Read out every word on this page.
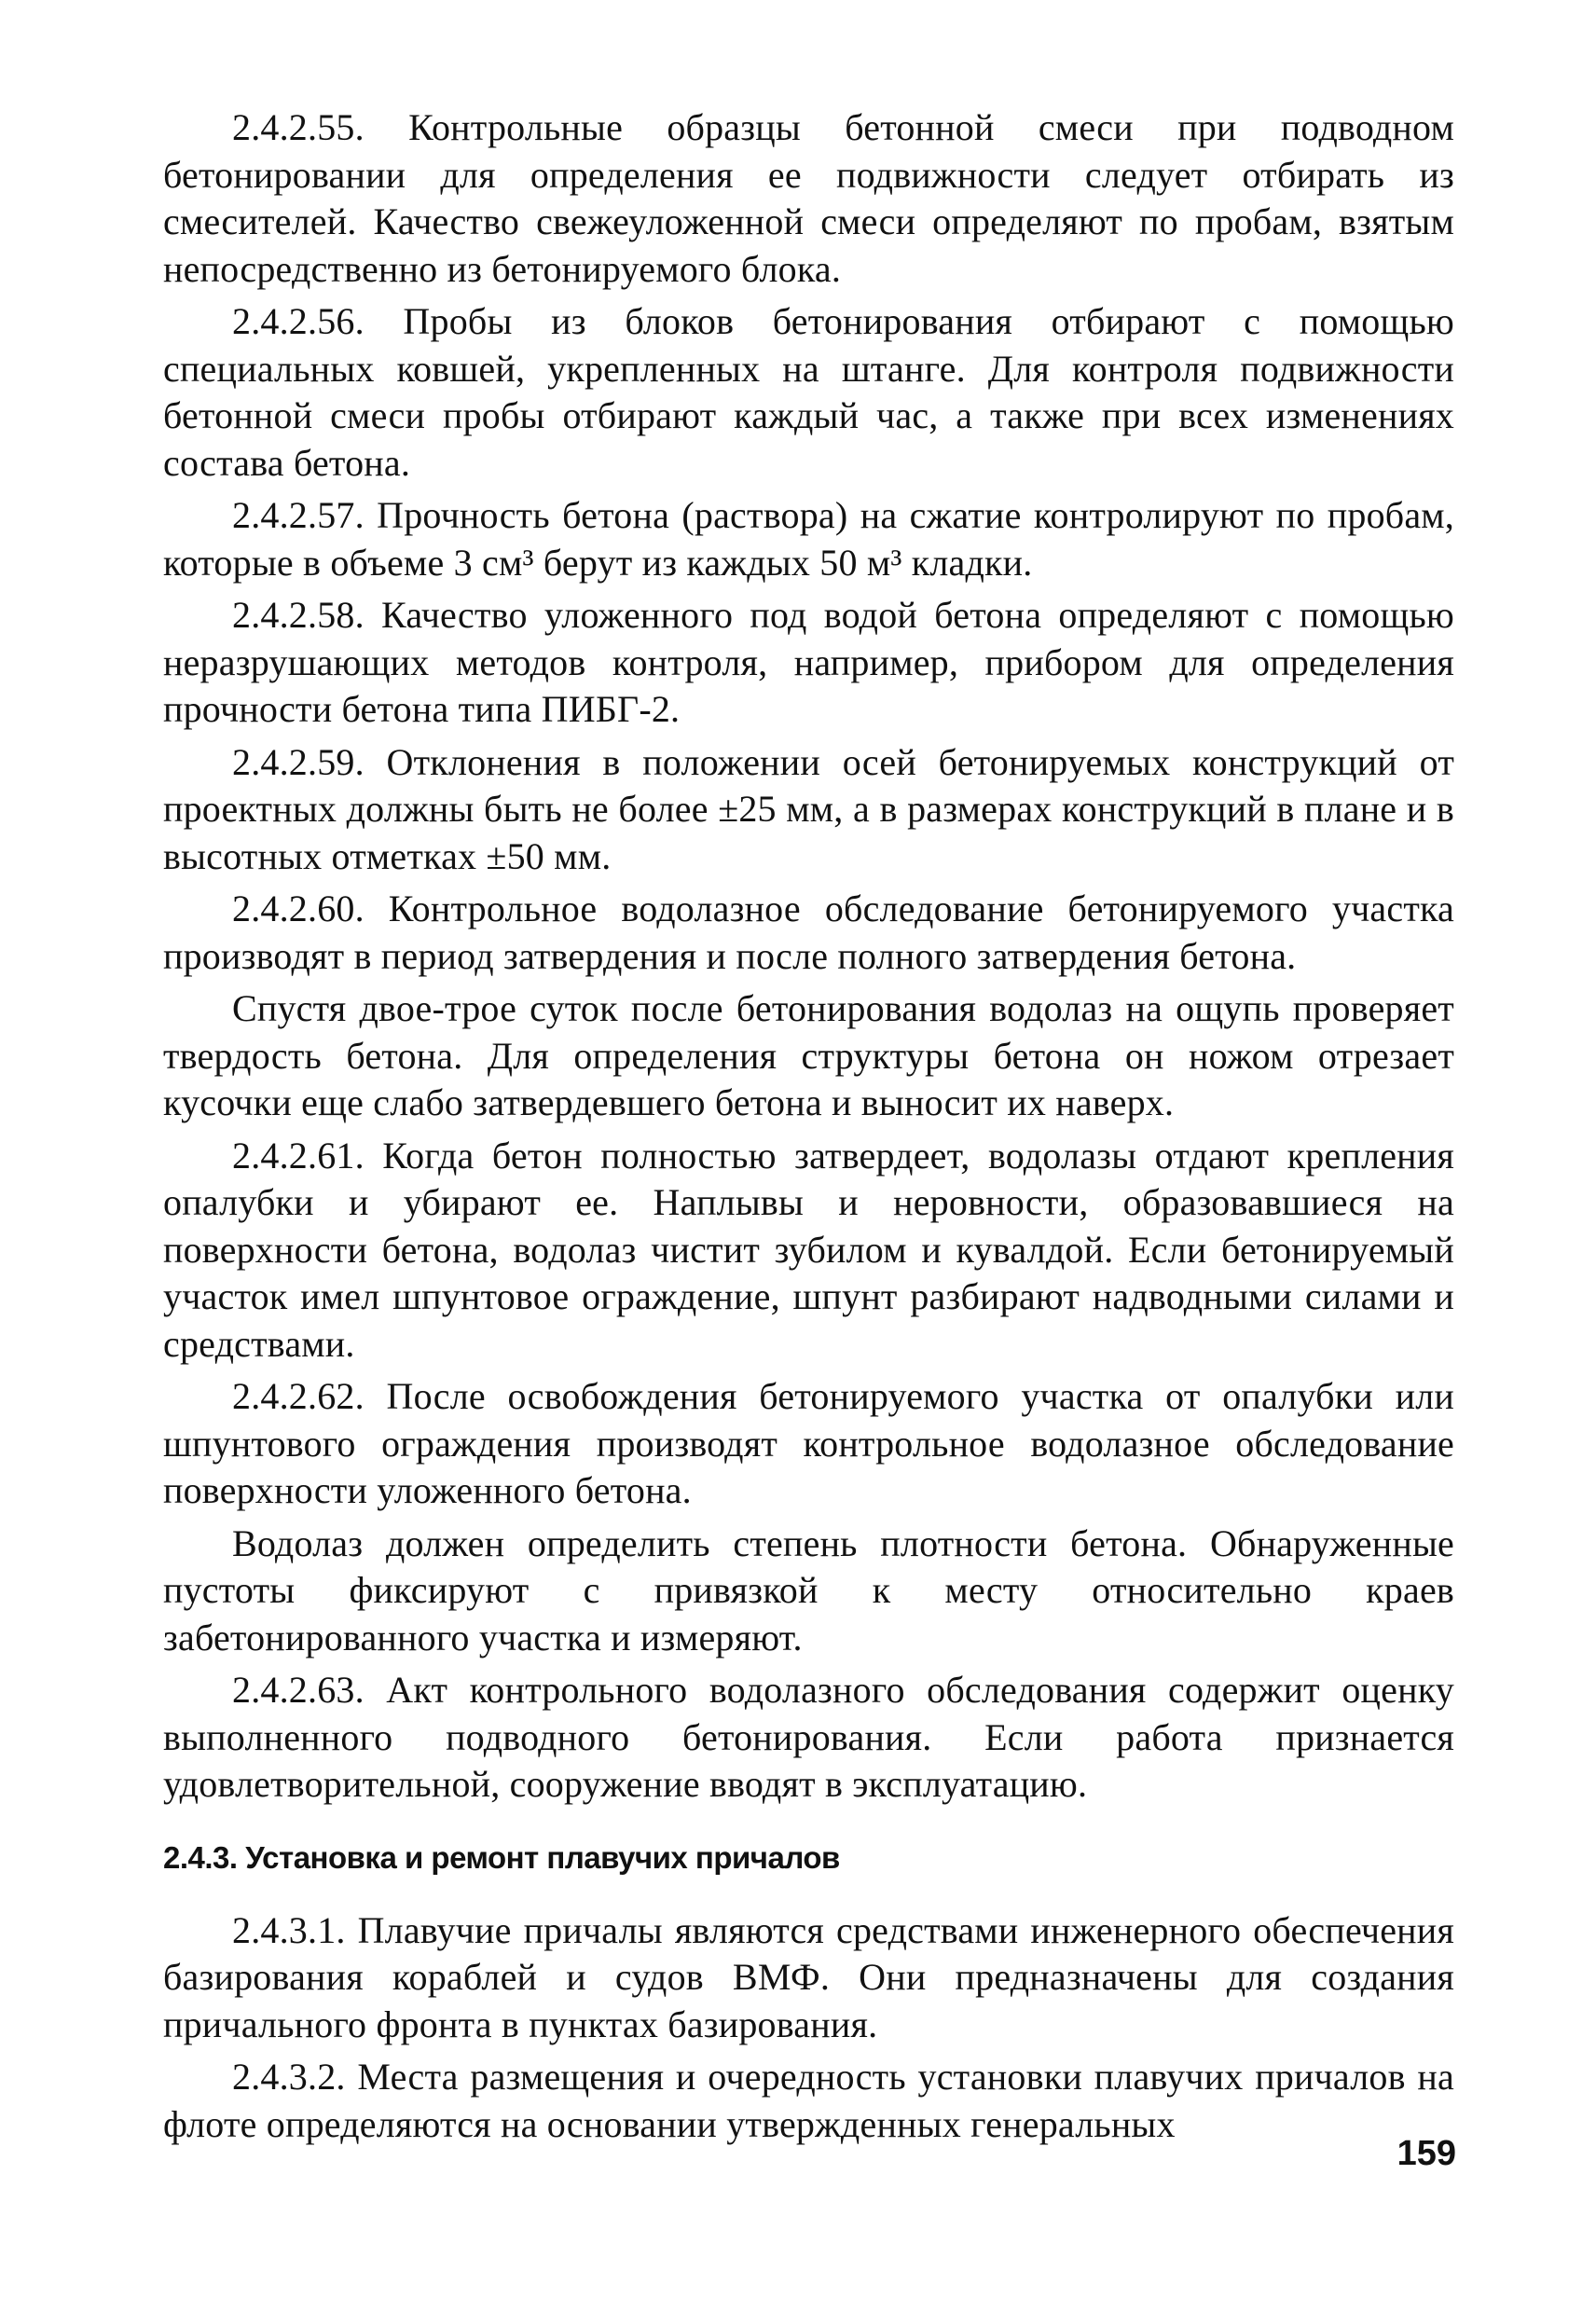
2.4.2.55. Контрольные образцы бетонной смеси при подводном бетонировании для определения ее подвижности следует отбирать из смесителей. Качество свежеуложенной смеси определяют по пробам, взятым непосредственно из бетонируемого блока.

2.4.2.56. Пробы из блоков бетонирования отбирают с помощью специальных ковшей, укрепленных на штанге. Для контроля подвижности бетонной смеси пробы отбирают каждый час, а также при всех изменениях состава бетона.

2.4.2.57. Прочность бетона (раствора) на сжатие контролируют по пробам, которые в объеме 3 см³ берут из каждых 50 м³ кладки.

2.4.2.58. Качество уложенного под водой бетона определяют с помощью неразрушающих методов контроля, например, прибором для определения прочности бетона типа ПИБГ-2.

2.4.2.59. Отклонения в положении осей бетонируемых конструкций от проектных должны быть не более ±25 мм, а в размерах конструкций в плане и в высотных отметках ±50 мм.

2.4.2.60. Контрольное водолазное обследование бетонируемого участка производят в период затвердения и после полного затвердения бетона.

Спустя двое-трое суток после бетонирования водолаз на ощупь проверяет твердость бетона. Для определения структуры бетона он ножом отрезает кусочки еще слабо затвердевшего бетона и выносит их наверх.

2.4.2.61. Когда бетон полностью затвердеет, водолазы отдают крепления опалубки и убирают ее. Наплывы и неровности, образовавшиеся на поверхности бетона, водолаз чистит зубилом и кувалдой. Если бетонируемый участок имел шпунтовое ограждение, шпунт разбирают надводными силами и средствами.

2.4.2.62. После освобождения бетонируемого участка от опалубки или шпунтового ограждения производят контрольное водолазное обследование поверхности уложенного бетона.

Водолаз должен определить степень плотности бетона. Обнаруженные пустоты фиксируют с привязкой к месту относительно краев забетонированного участка и измеряют.

2.4.2.63. Акт контрольного водолазного обследования содержит оценку выполненного подводного бетонирования. Если работа признается удовлетворительной, сооружение вводят в эксплуатацию.

2.4.3. Установка и ремонт плавучих причалов

2.4.3.1. Плавучие причалы являются средствами инженерного обеспечения базирования кораблей и судов ВМФ. Они предназначены для создания причального фронта в пунктах базирования.

2.4.3.2. Места размещения и очередность установки плавучих причалов на флоте определяются на основании утвержденных генеральных

159
